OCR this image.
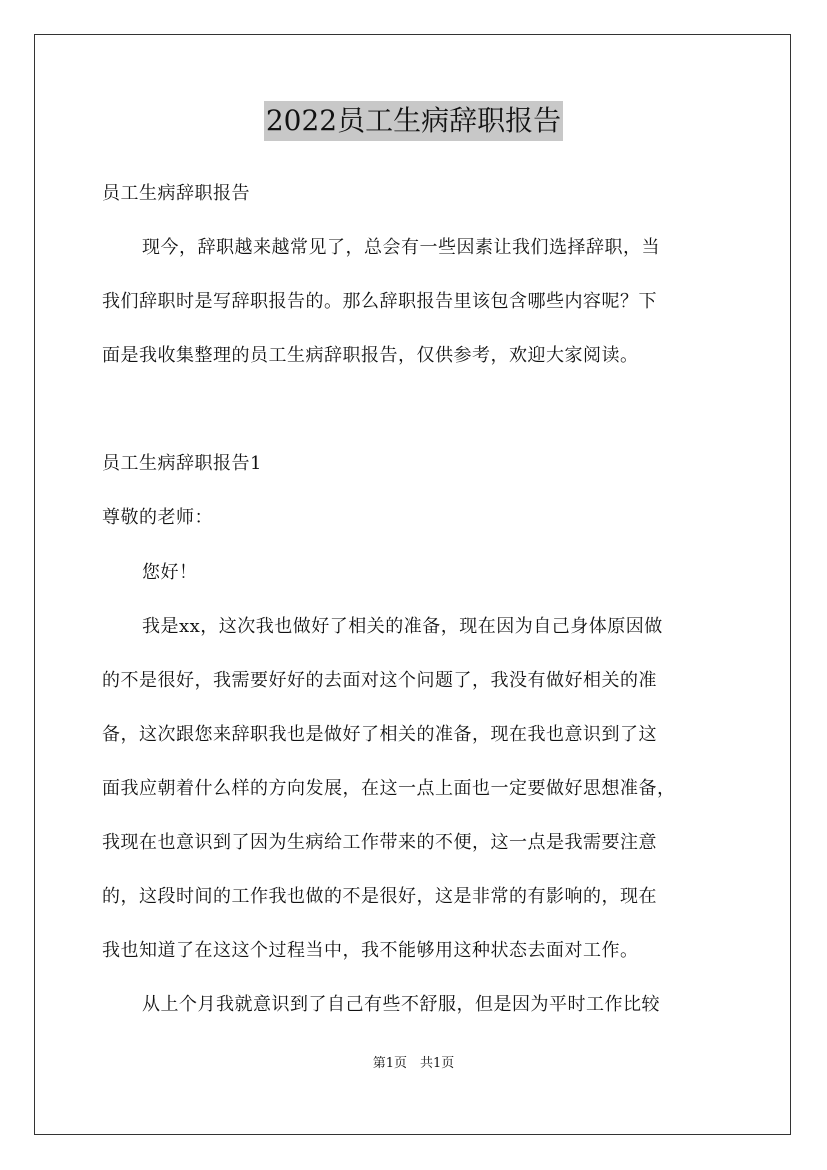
2022员工生病辞职报告
员工生病辞职报告
现今，辞职越来越常见了，总会有一些因素让我们选择辞职，当
我们辞职时是写辞职报告的。那么辞职报告里该包含哪些内容呢？下
面是我收集整理的员工生病辞职报告，仅供参考，欢迎大家阅读。
员工生病辞职报告1
尊敬的老师：
您好！
我是xx，这次我也做好了相关的准备，现在因为自己身体原因做
的不是很好，我需要好好的去面对这个问题了，我没有做好相关的准
备，这次跟您来辞职我也是做好了相关的准备，现在我也意识到了这
面我应朝着什么样的方向发展，在这一点上面也一定要做好思想准备，
我现在也意识到了因为生病给工作带来的不便，这一点是我需要注意
的，这段时间的工作我也做的不是很好，这是非常的有影响的，现在
我也知道了在这这个过程当中，我不能够用这种状态去面对工作。
从上个月我就意识到了自己有些不舒服，但是因为平时工作比较
第1页　共1页
